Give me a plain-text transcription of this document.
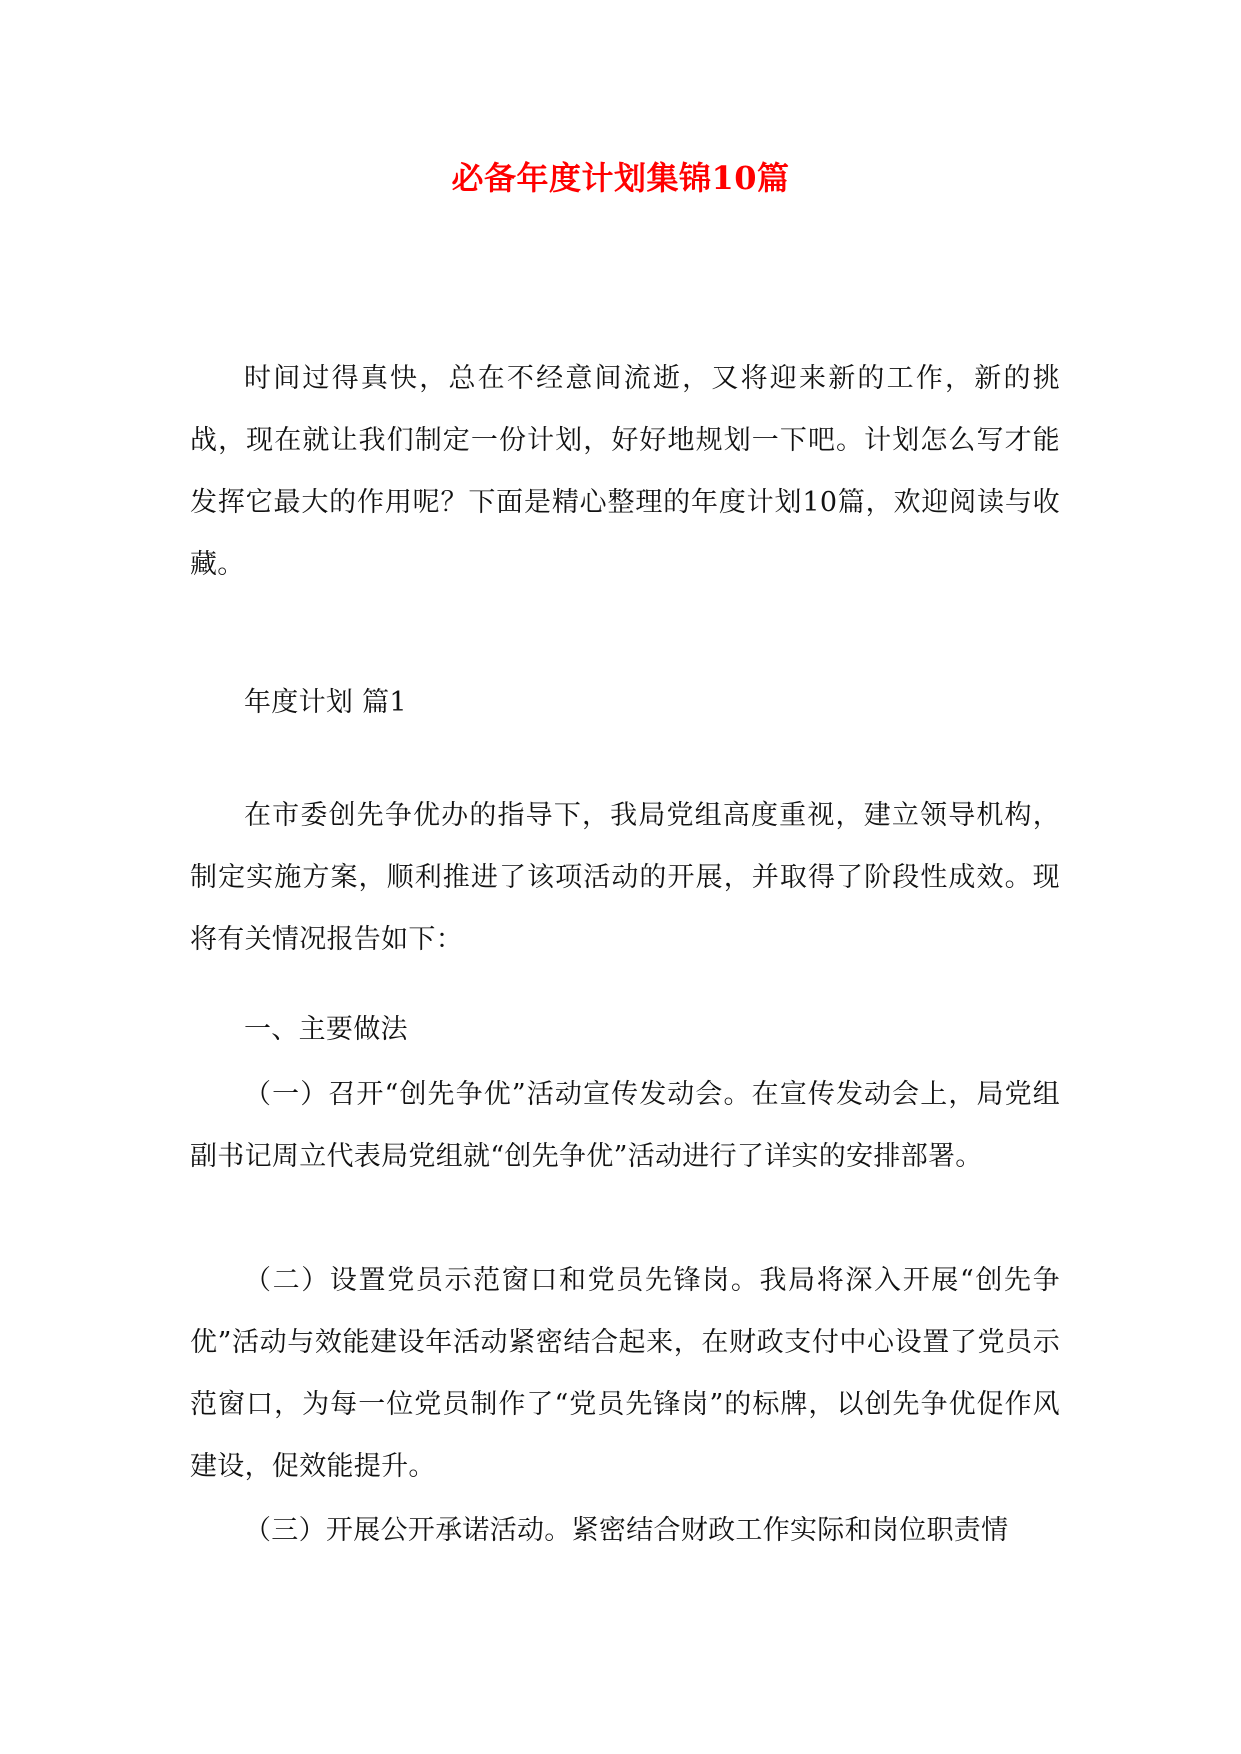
必备年度计划集锦10篇

时间过得真快，总在不经意间流逝，又将迎来新的工作，新的挑战，现在就让我们制定一份计划，好好地规划一下吧。计划怎么写才能发挥它最大的作用呢？下面是精心整理的年度计划10篇，欢迎阅读与收藏。

年度计划 篇1

在市委创先争优办的指导下，我局党组高度重视，建立领导机构，制定实施方案，顺利推进了该项活动的开展，并取得了阶段性成效。现将有关情况报告如下：

一、主要做法

（一）召开“创先争优”活动宣传发动会。在宣传发动会上，局党组副书记周立代表局党组就“创先争优”活动进行了详实的安排部署。

（二）设置党员示范窗口和党员先锋岗。我局将深入开展“创先争优”活动与效能建设年活动紧密结合起来，在财政支付中心设置了党员示范窗口，为每一位党员制作了“党员先锋岗”的标牌，以创先争优促作风建设，促效能提升。

（三）开展公开承诺活动。紧密结合财政工作实际和岗位职责情
